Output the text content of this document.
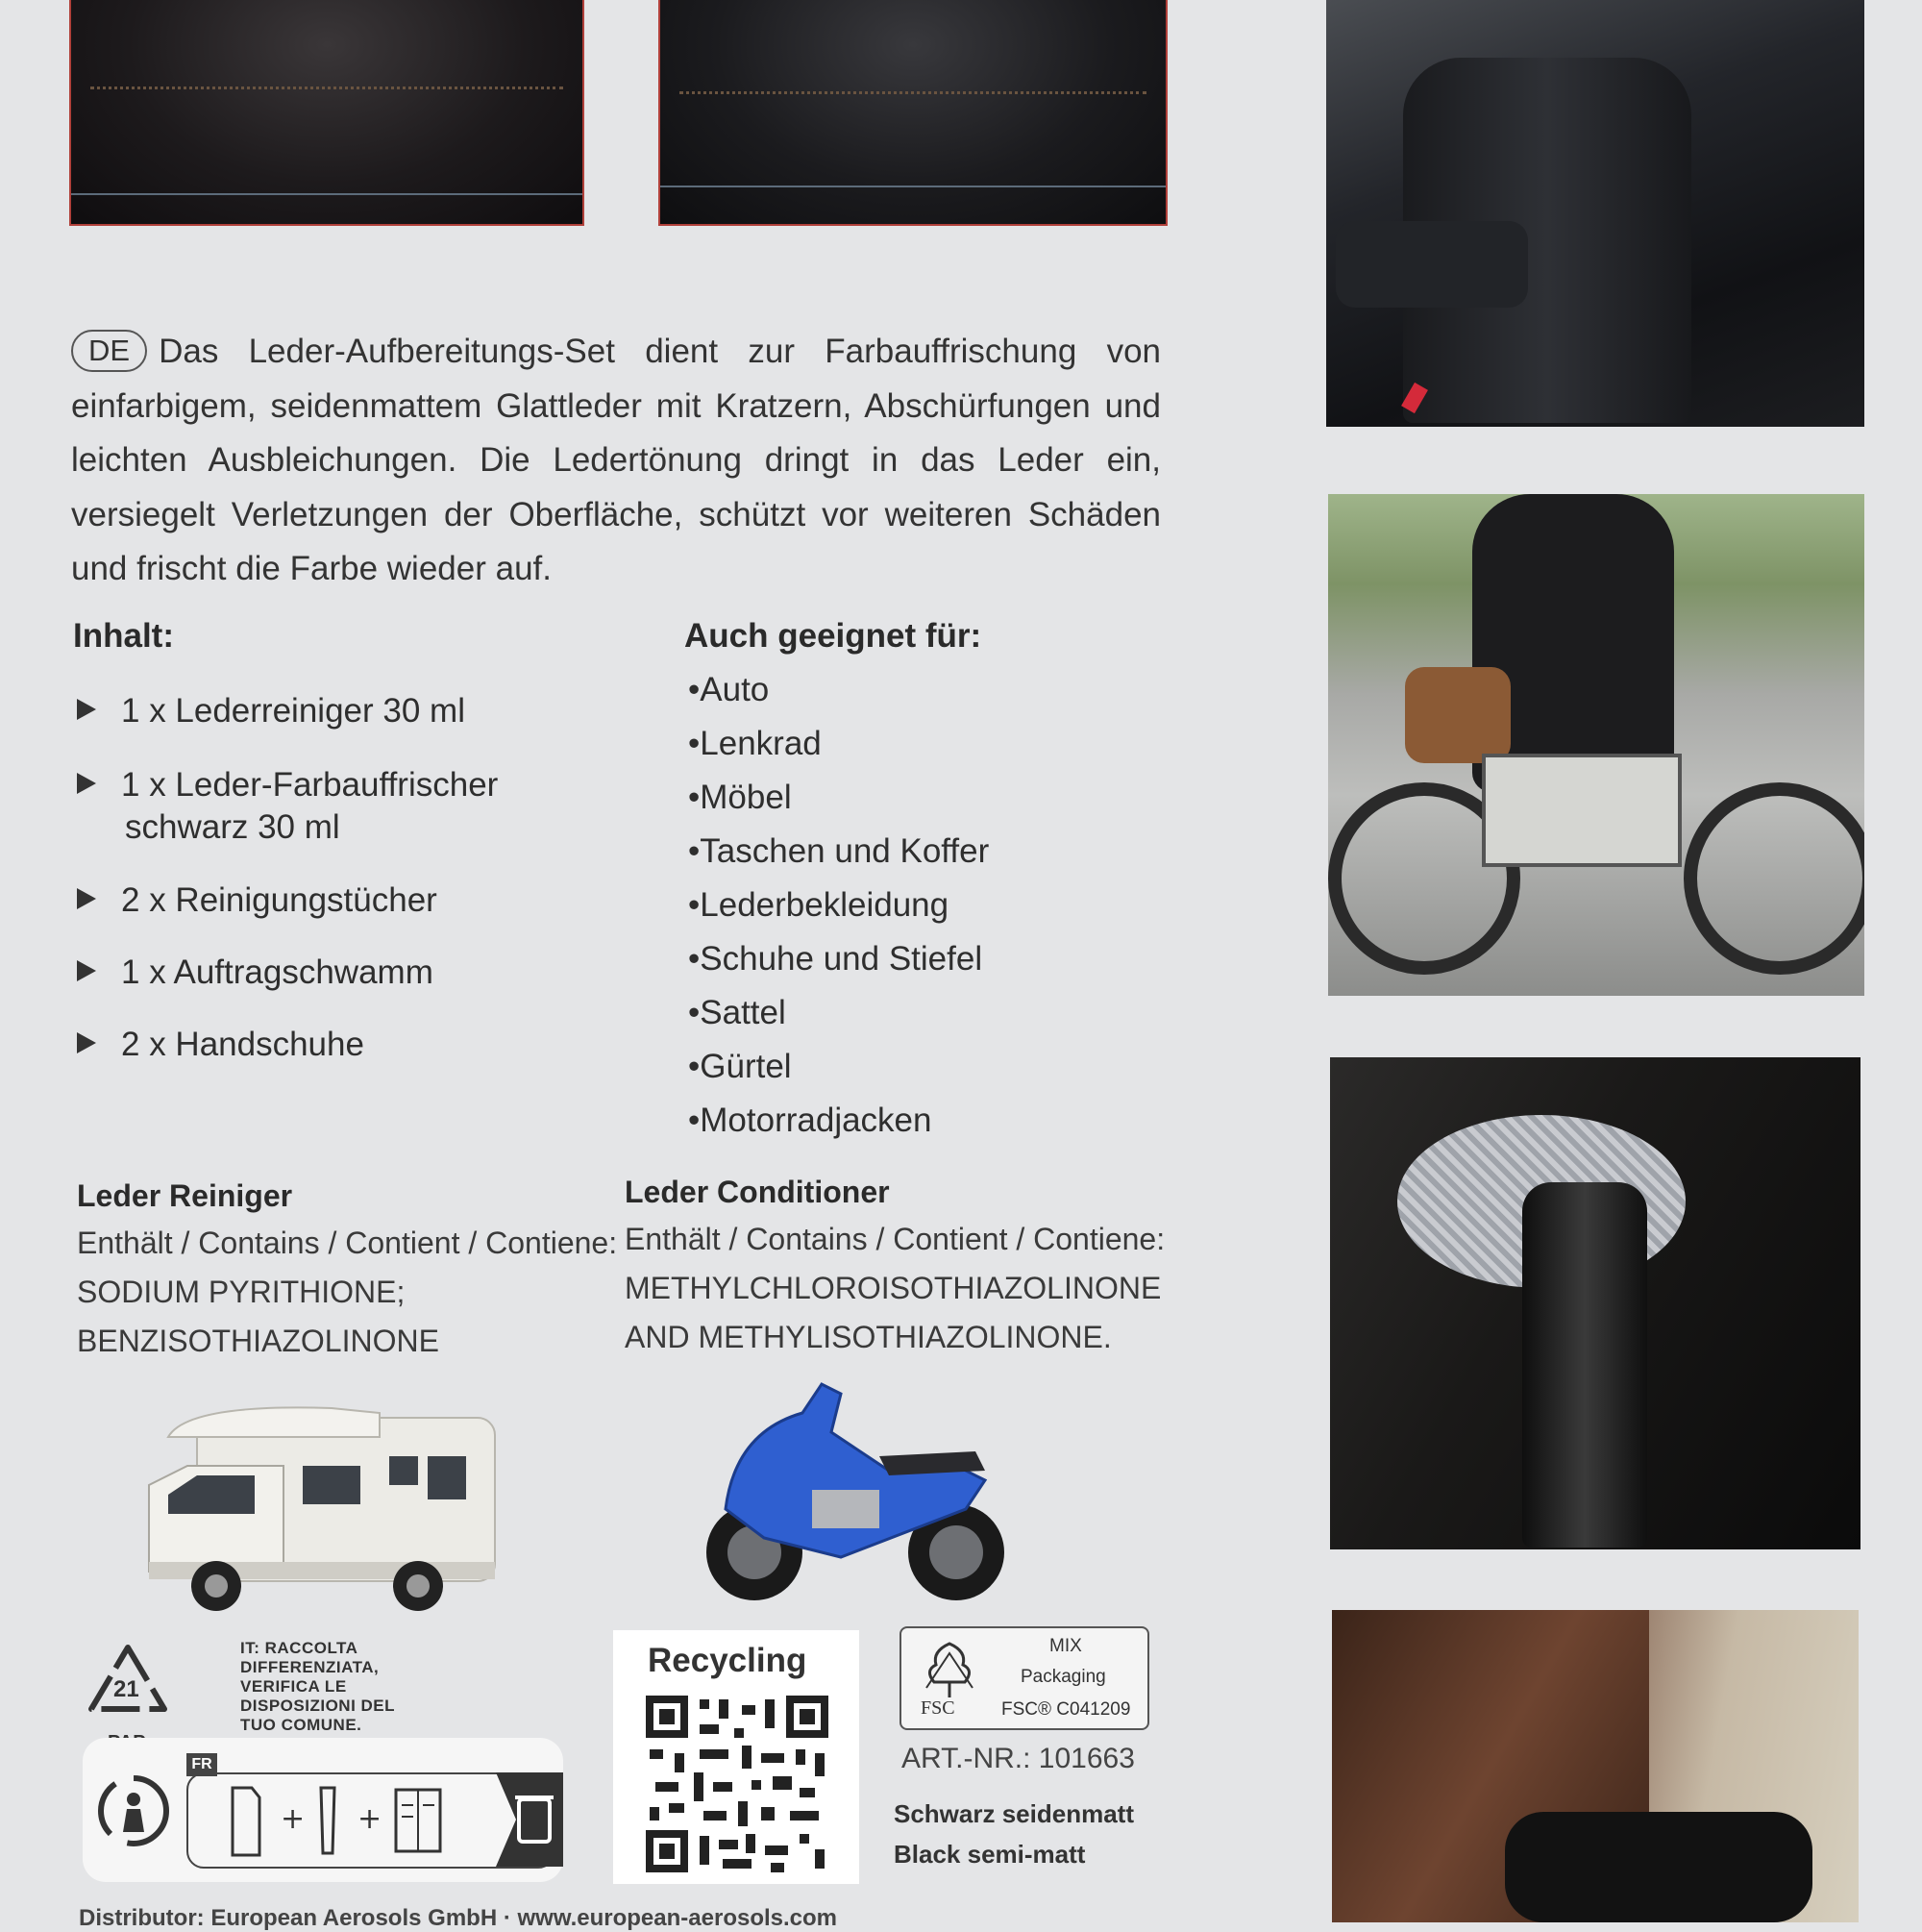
DE Das Leder-Aufbereitungs-Set dient zur Farbauffrischung von einfarbigem, seidenmattem Glattleder mit Kratzern, Abschürfungen und leichten Ausbleichungen. Die Ledertönung dringt in das Leder ein, versiegelt Verletzungen der Oberfläche, schützt vor weiteren Schäden und frischt die Farbe wieder auf.
Inhalt:
1 x Lederreiniger 30 ml
1 x Leder-Farbauffrischer
schwarz 30 ml
2 x Reinigungstücher
1 x Auftragschwamm
2 x Handschuhe
Auch geeignet für:
•Auto
•Lenkrad
•Möbel
•Taschen und Koffer
•Lederbekleidung
•Schuhe und Stiefel
•Sattel
•Gürtel
•Motorradjacken
Leder Reiniger
Enthält / Contains / Contient / Contiene:
SODIUM PYRITHIONE;
BENZISOTHIAZOLINONE
Leder Conditioner
Enthält / Contains / Contient / Contiene:
METHYLCHLOROISOTHIAZOLINONE
AND METHYLISOTHIAZOLINONE.
21
IT: RACCOLTA
DIFFERENZIATA,
VERIFICA LE
DISPOSIZIONI DEL
TUO COMUNE.
FR
+ +
Recycling
FSC
MIX
Packaging
FSC® C041209
ART.-NR.: 101663
Schwarz seidenmatt
Black semi-matt
Distributor: European Aerosols GmbH · www.european-aerosols.com
